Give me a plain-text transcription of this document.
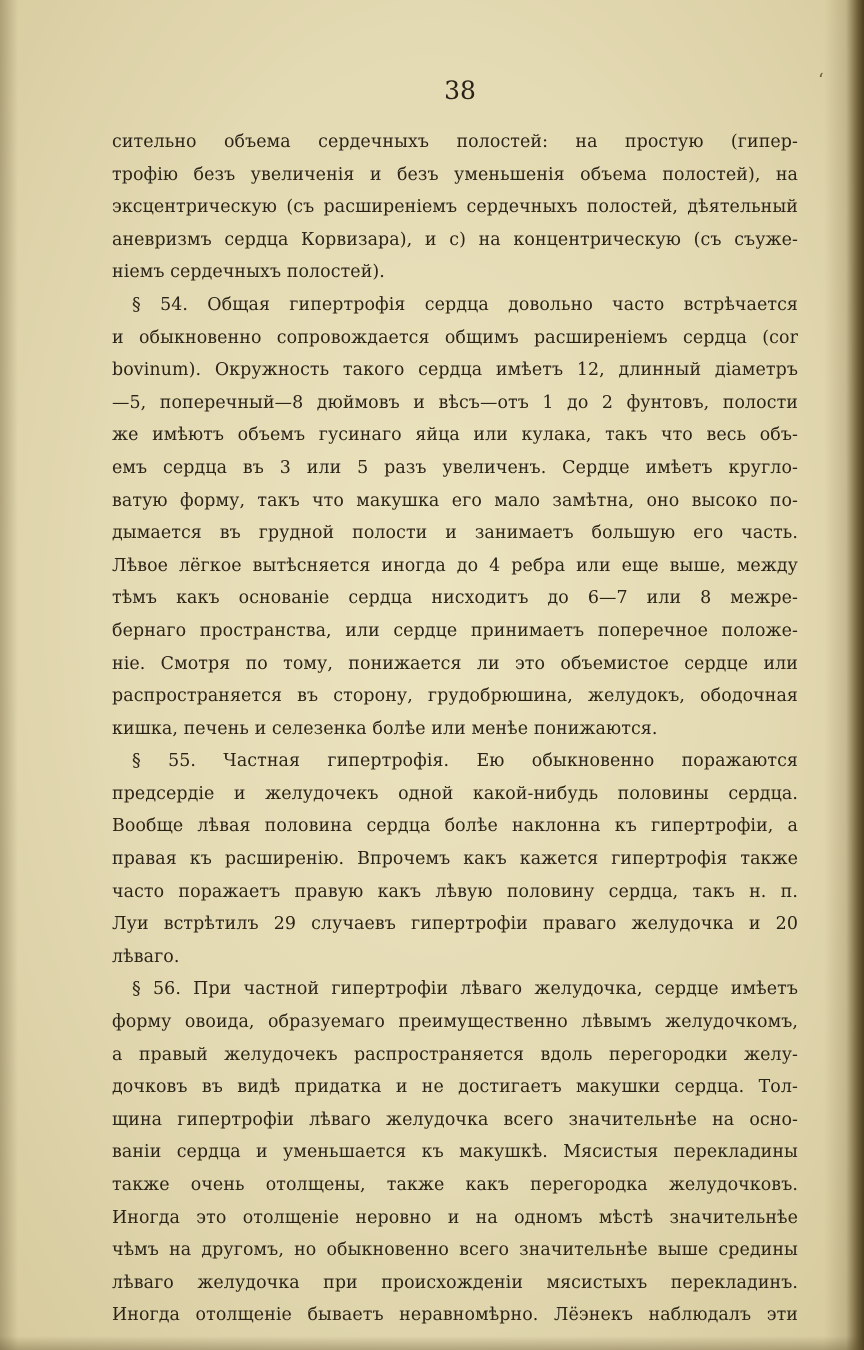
‘
38
сительно объема сердечныхъ полостей: на простую (гипер-
трофію безъ увеличенія и безъ уменьшенія объема полостей), на
эксцентрическую (съ расширеніемъ сердечныхъ полостей, дѣятельный
аневризмъ сердца Корвизара), и с) на концентрическую (съ съуже-
ніемъ сердечныхъ полостей).
§ 54. Общая гипертрофія сердца довольно часто встрѣчается
и обыкновенно сопровождается общимъ расширеніемъ сердца (cor
bovinum). Окружность такого сердца имѣетъ 12, длинный діаметръ
—5, поперечный—8 дюймовъ и вѣсъ—отъ 1 до 2 фунтовъ, полости
же имѣютъ объемъ гусинаго яйца или кулака, такъ что весь объ-
емъ сердца въ 3 или 5 разъ увеличенъ. Сердце имѣетъ кругло-
ватую форму, такъ что макушка его мало замѣтна, оно высоко по-
дымается въ грудной полости и занимаетъ большую его часть.
Лѣвое лёгкое вытѣсняется иногда до 4 ребра или еще выше, между
тѣмъ какъ основаніе сердца нисходитъ до 6—7 или 8 межре-
бернаго пространства, или сердце принимаетъ поперечное положе-
ніе. Смотря по тому, понижается ли это объемистое сердце или
распространяется въ сторону, грудобрюшина, желудокъ, ободочная
кишка, печень и селезенка болѣе или менѣе понижаются.
§ 55. Частная гипертрофія. Ею обыкновенно поражаются
предсердіе и желудочекъ одной какой-нибудь половины сердца.
Вообще лѣвая половина сердца болѣе наклонна къ гипертрофіи, а
правая къ расширенію. Впрочемъ какъ кажется гипертрофія также
часто поражаетъ правую какъ лѣвую половину сердца, такъ н. п.
Луи встрѣтилъ 29 случаевъ гипертрофіи праваго желудочка и 20
лѣваго.
§ 56. При частной гипертрофіи лѣваго желудочка, сердце имѣетъ
форму овоида, образуемаго преимущественно лѣвымъ желудочкомъ,
а правый желудочекъ распространяется вдоль перегородки желу-
дочковъ въ видѣ придатка и не достигаетъ макушки сердца. Тол-
щина гипертрофіи лѣваго желудочка всего значительнѣе на осно-
ваніи сердца и уменьшается къ макушкѣ. Мясистыя перекладины
также очень отолщены, также какъ перегородка желудочковъ.
Иногда это отолщеніе неровно и на одномъ мѣстѣ значительнѣе
чѣмъ на другомъ, но обыкновенно всего значительнѣе выше средины
лѣваго желудочка при происхожденіи мясистыхъ перекладинъ.
Иногда отолщеніе бываетъ неравномѣрно. Лёэнекъ наблюдалъ эти
